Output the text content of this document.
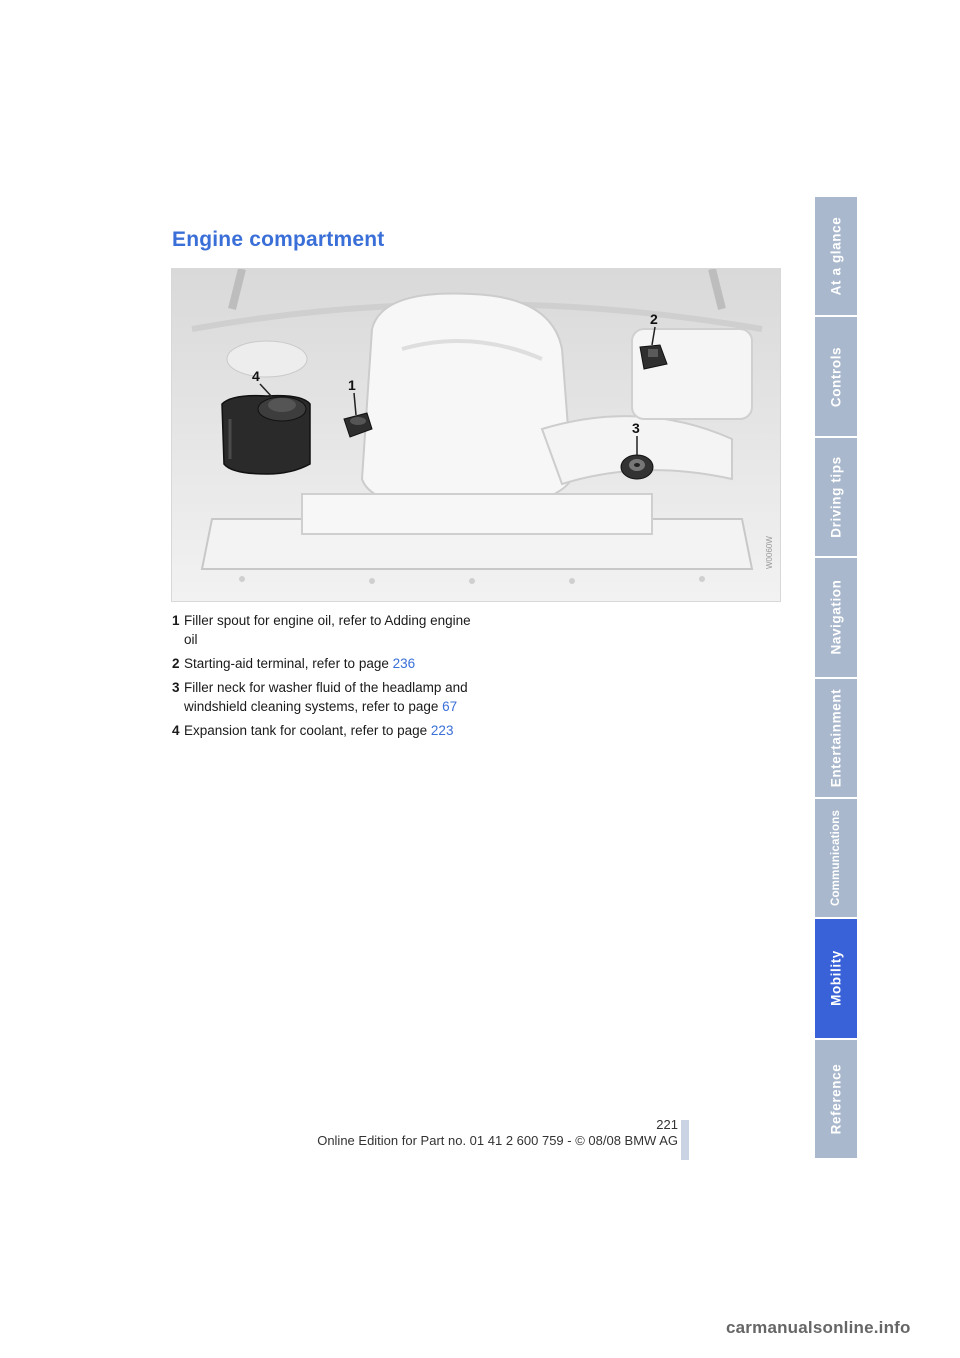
Engine compartment
4
1
2
3
W0060W
1 Filler spout for engine oil, refer to Adding engine oil
2 Starting-aid terminal, refer to page 236
3 Filler neck for washer fluid of the headlamp and windshield cleaning systems, refer to page 67
4 Expansion tank for coolant, refer to page 223
At a glance
Controls
Driving tips
Navigation
Entertainment
Communications
Mobility
Reference
221
Online Edition for Part no. 01 41 2 600 759 - © 08/08 BMW AG
carmanualsonline.info
